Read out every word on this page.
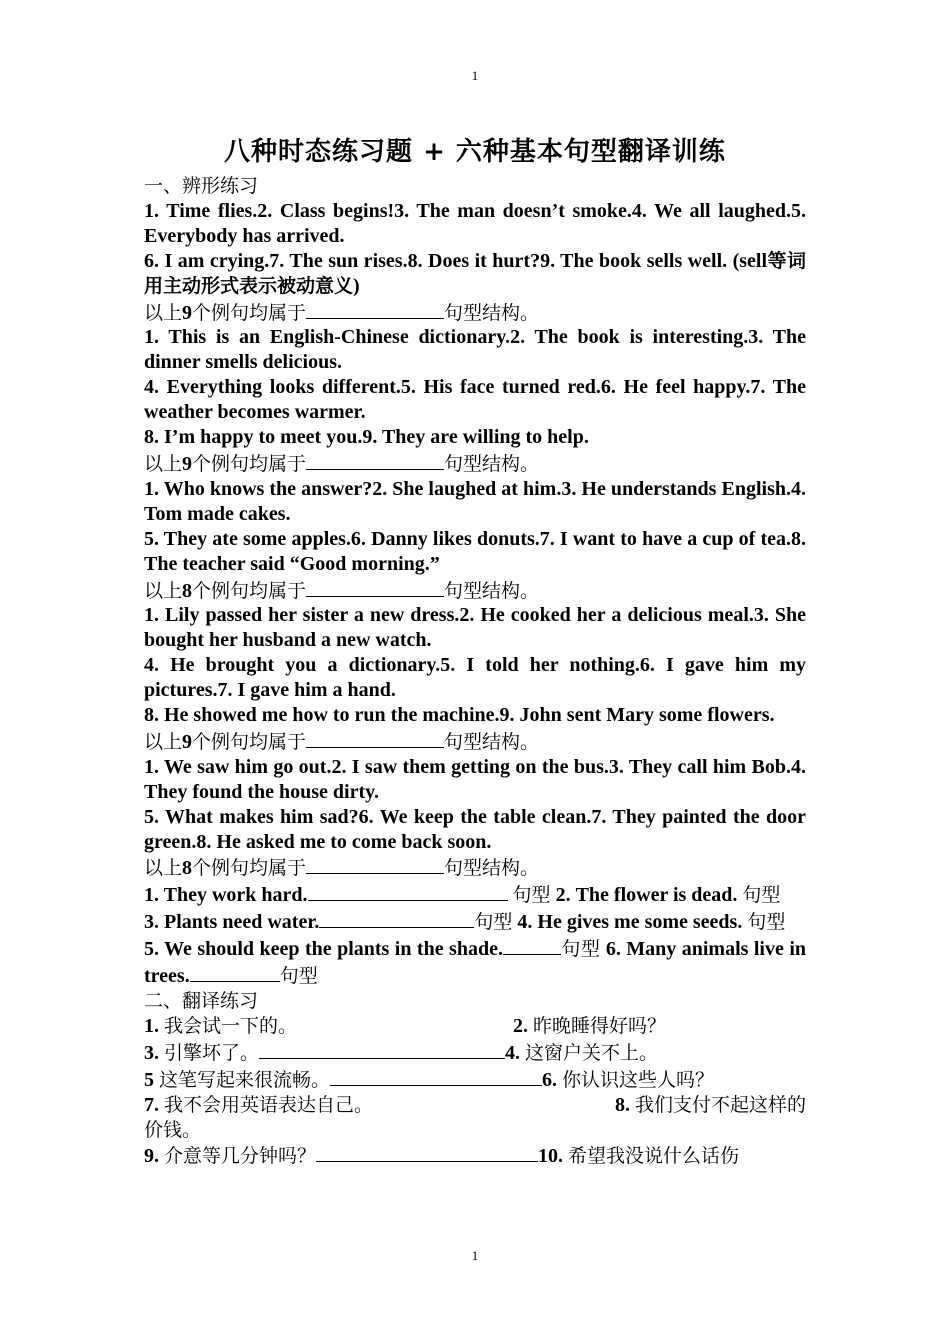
1
八种时态练习题 + 六种基本句型翻译训练

一、辨形练习

1. Time flies.2. Class begins!3. The man doesn’t smoke.4. We all laughed.5. Everybody has arrived.

6. I am crying.7. The sun rises.8. Does it hurt?9. The book sells well. (sell等词用主动形式表示被动意义)

以上9个例句均属于	句型结构。

1. This is an English-Chinese dictionary.2. The book is interesting.3. The dinner smells delicious.

4. Everything looks different.5. His face turned red.6. He feel happy.7. The weather becomes warmer.

8. I’m happy to meet you.9. They are willing to help.

以上9个例句均属于	句型结构。

1. Who knows the answer?2. She laughed at him.3. He understands English.4. Tom made cakes.

5. They ate some apples.6. Danny likes donuts.7. I want to have a cup of tea.8. The teacher said “Good morning.”

以上8个例句均属于	句型结构。

1. Lily passed her sister a new dress.2. He cooked her a delicious meal.3. She bought her husband a new watch.

4. He brought you a dictionary.5. I told her nothing.6. I gave him my pictures.7. I gave him a hand.

8. He showed me how to run the machine.9. John sent Mary some flowers.

以上9个例句均属于	句型结构。

1. We saw him go out.2. I saw them getting on the bus.3. They call him Bob.4. They found the house dirty.

5. What makes him sad?6. We keep the table clean.7. They painted the door green.8. He asked me to come back soon.

以上8个例句均属于	句型结构。

1. They work hard.	句型 2. The flower is dead. 句型

3. Plants need water.	句型 4. He gives me some seeds. 句型

5. We should keep the plants in the shade.	句型 6. Many animals live in trees.	句型

二、翻译练习

1. 我会试一下的。	2. 昨晚睡得好吗？

3. 引擎坏了。	4. 这窗户关不上。

5 这笔写起来很流畅。	6. 你认识这些人吗？

7. 我不会用英语表达自己。	8. 我们支付不起这样的

价钱。

9. 介意等几分钟吗？	10. 希望我没说什么话伤

1
